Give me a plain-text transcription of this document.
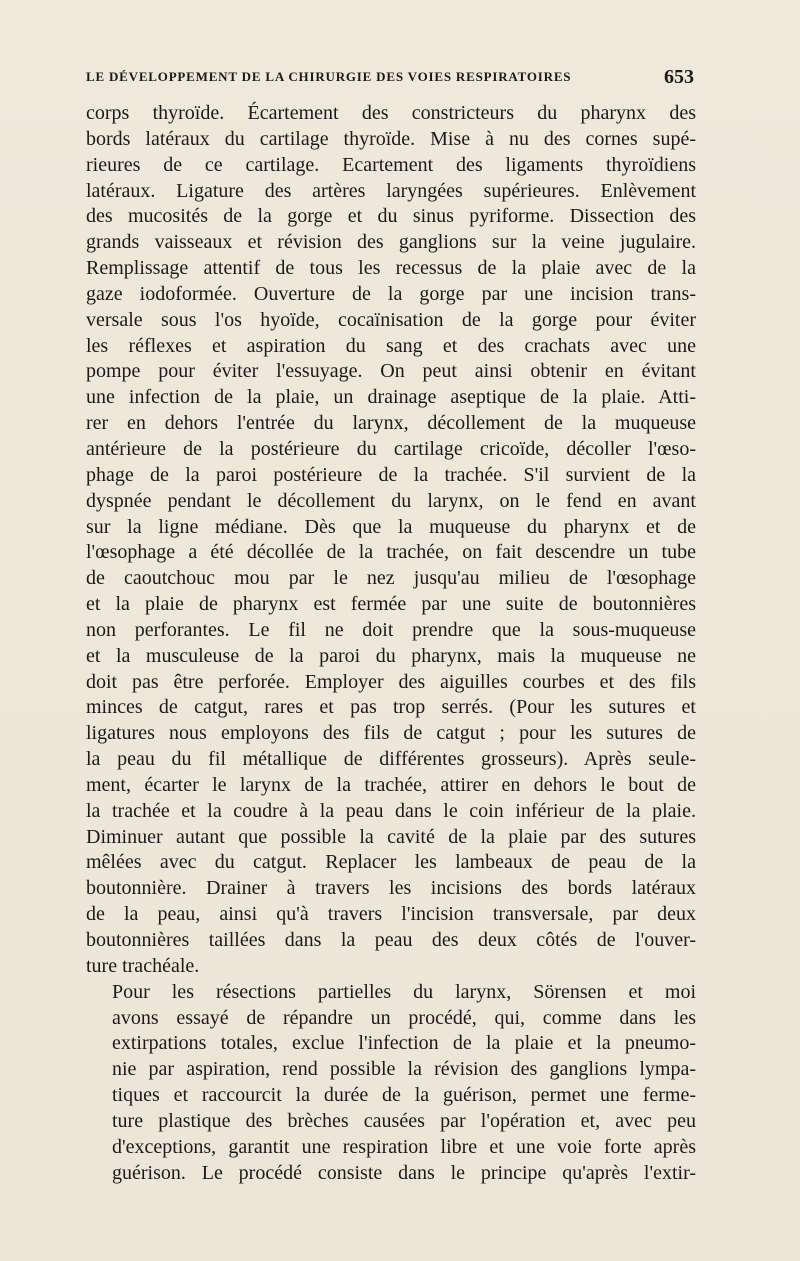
LE DÉVELOPPEMENT DE LA CHIRURGIE DES VOIES RESPIRATOIRES	653

corps thyroïde. Écartement des constricteurs du pharynx des
bords latéraux du cartilage thyroïde. Mise à nu des cornes supé-
rieures de ce cartilage. Ecartement des ligaments thyroïdiens
latéraux. Ligature des artères laryngées supérieures. Enlèvement
des mucosités de la gorge et du sinus pyriforme. Dissection des
grands vaisseaux et révision des ganglions sur la veine jugulaire.
Remplissage attentif de tous les recessus de la plaie avec de la
gaze iodoformée. Ouverture de la gorge par une incision trans-
versale sous l'os hyoïde, cocaïnisation de la gorge pour éviter
les réflexes et aspiration du sang et des crachats avec une
pompe pour éviter l'essuyage. On peut ainsi obtenir en évitant
une infection de la plaie, un drainage aseptique de la plaie. Atti-
rer en dehors l'entrée du larynx, décollement de la muqueuse
antérieure de la postérieure du cartilage cricoïde, décoller l'œso-
phage de la paroi postérieure de la trachée. S'il survient de la
dyspnée pendant le décollement du larynx, on le fend en avant
sur la ligne médiane. Dès que la muqueuse du pharynx et de
l'œsophage a été décollée de la trachée, on fait descendre un tube
de caoutchouc mou par le nez jusqu'au milieu de l'œsophage
et la plaie de pharynx est fermée par une suite de boutonnières
non perforantes. Le fil ne doit prendre que la sous-muqueuse
et la musculeuse de la paroi du pharynx, mais la muqueuse ne
doit pas être perforée. Employer des aiguilles courbes et des fils
minces de catgut, rares et pas trop serrés. (Pour les sutures et
ligatures nous employons des fils de catgut ; pour les sutures de
la peau du fil métallique de différentes grosseurs). Après seule-
ment, écarter le larynx de la trachée, attirer en dehors le bout de
la trachée et la coudre à la peau dans le coin inférieur de la plaie.
Diminuer autant que possible la cavité de la plaie par des sutures
mêlées avec du catgut. Replacer les lambeaux de peau de la
boutonnière. Drainer à travers les incisions des bords latéraux
de la peau, ainsi qu'à travers l'incision transversale, par deux
boutonnières taillées dans la peau des deux côtés de l'ouver-
ture trachéale.

Pour les résections partielles du larynx, Sörensen et moi
avons essayé de répandre un procédé, qui, comme dans les
extirpations totales, exclue l'infection de la plaie et la pneumo-
nie par aspiration, rend possible la révision des ganglions lympa-
tiques et raccourcit la durée de la guérison, permet une ferme-
ture plastique des brèches causées par l'opération et, avec peu
d'exceptions, garantit une respiration libre et une voie forte après
guérison. Le procédé consiste dans le principe qu'après l'extir-
